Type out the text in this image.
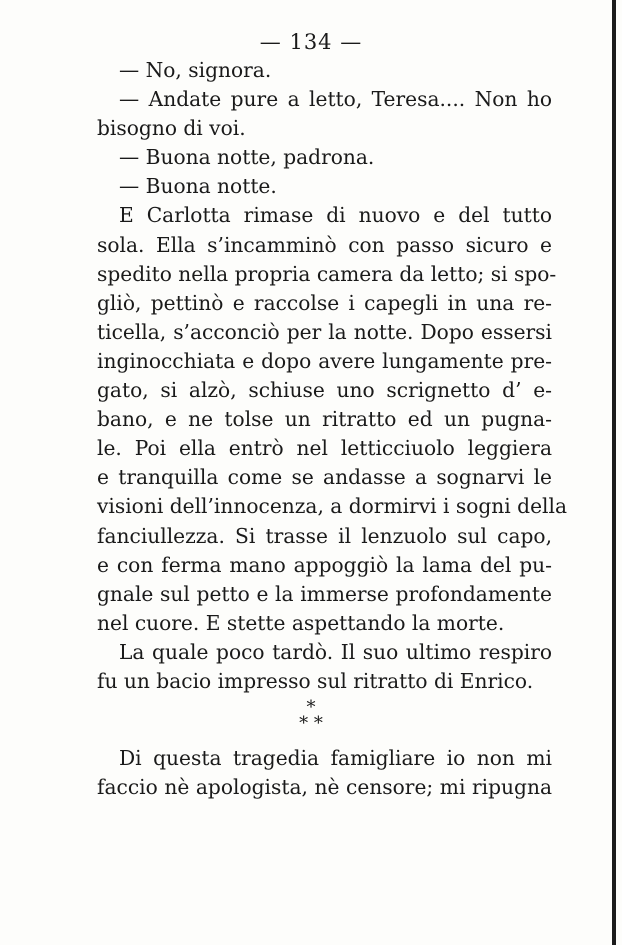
— 134 —
— No, signora.
— Andate pure a letto, Teresa.... Non ho
bisogno di voi.
— Buona notte, padrona.
— Buona notte.
E Carlotta rimase di nuovo e del tutto
sola. Ella s’incamminò con passo sicuro e
spedito nella propria camera da letto; si spo-
gliò, pettinò e raccolse i capegli in una re-
ticella, s’acconciò per la notte. Dopo essersi
inginocchiata e dopo avere lungamente pre-
gato, si alzò, schiuse uno scrignetto d’ e-
bano, e ne tolse un ritratto ed un pugna-
le. Poi ella entrò nel letticciuolo leggiera
e tranquilla come se andasse a sognarvi le
visioni dell’innocenza, a dormirvi i sogni della
fanciullezza. Si trasse il lenzuolo sul capo,
e con ferma mano appoggiò la lama del pu-
gnale sul petto e la immerse profondamente
nel cuore. E stette aspettando la morte.
La quale poco tardò. Il suo ultimo respiro
fu un bacio impresso sul ritratto di Enrico.
*
* *
Di questa tragedia famigliare io non mi
faccio nè apologista, nè censore; mi ripugna
